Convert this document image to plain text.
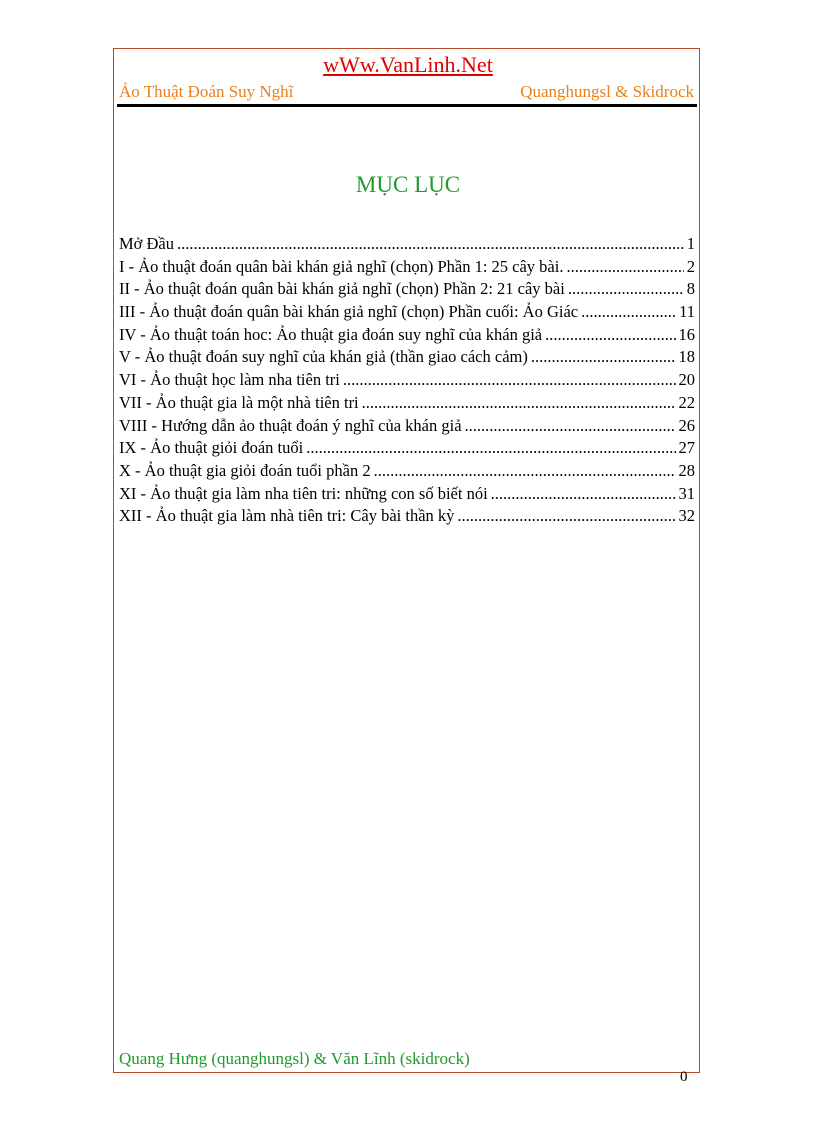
wWw.VanLinh.Net
Ảo Thuật Đoán Suy Nghĩ	Quanghungsl & Skidrock
MỤC LỤC
Mở Đầu .....	1
I - Ảo thuật đoán quân bài khán giả nghĩ (chọn) Phần 1: 25 cây bài. .....	2
II - Ảo thuật đoán quân bài khán giả nghĩ (chọn) Phần 2: 21 cây bài .....	8
III - Ảo thuật đoán quân bài khán giả nghĩ (chọn) Phần cuối: Ảo Giác .....	11
IV - Ảo thuật toán hoc: Ảo thuật gia đoán suy nghĩ của khán giả .....	16
V - Ảo thuật đoán suy nghĩ của khán giả (thần giao cách cảm) .....	18
VI - Ảo thuật học làm nha tiên tri .....	20
VII - Ảo thuật gia là một nhà tiên tri .....	22
VIII - Hướng dẫn ảo thuật đoán ý nghĩ của khán giả .....	26
IX - Ảo thuật giỏi đoán tuổi .....	27
X - Ảo thuật gia giỏi đoán tuổi phần 2 .....	28
XI - Ảo thuật gia làm nha tiên tri: những con số biết nói .....	31
XII - Ảo thuật gia làm nhà tiên tri: Cây bài thần kỳ .....	32
Quang Hưng (quanghungsl) & Văn Lĩnh (skidrock)
0
